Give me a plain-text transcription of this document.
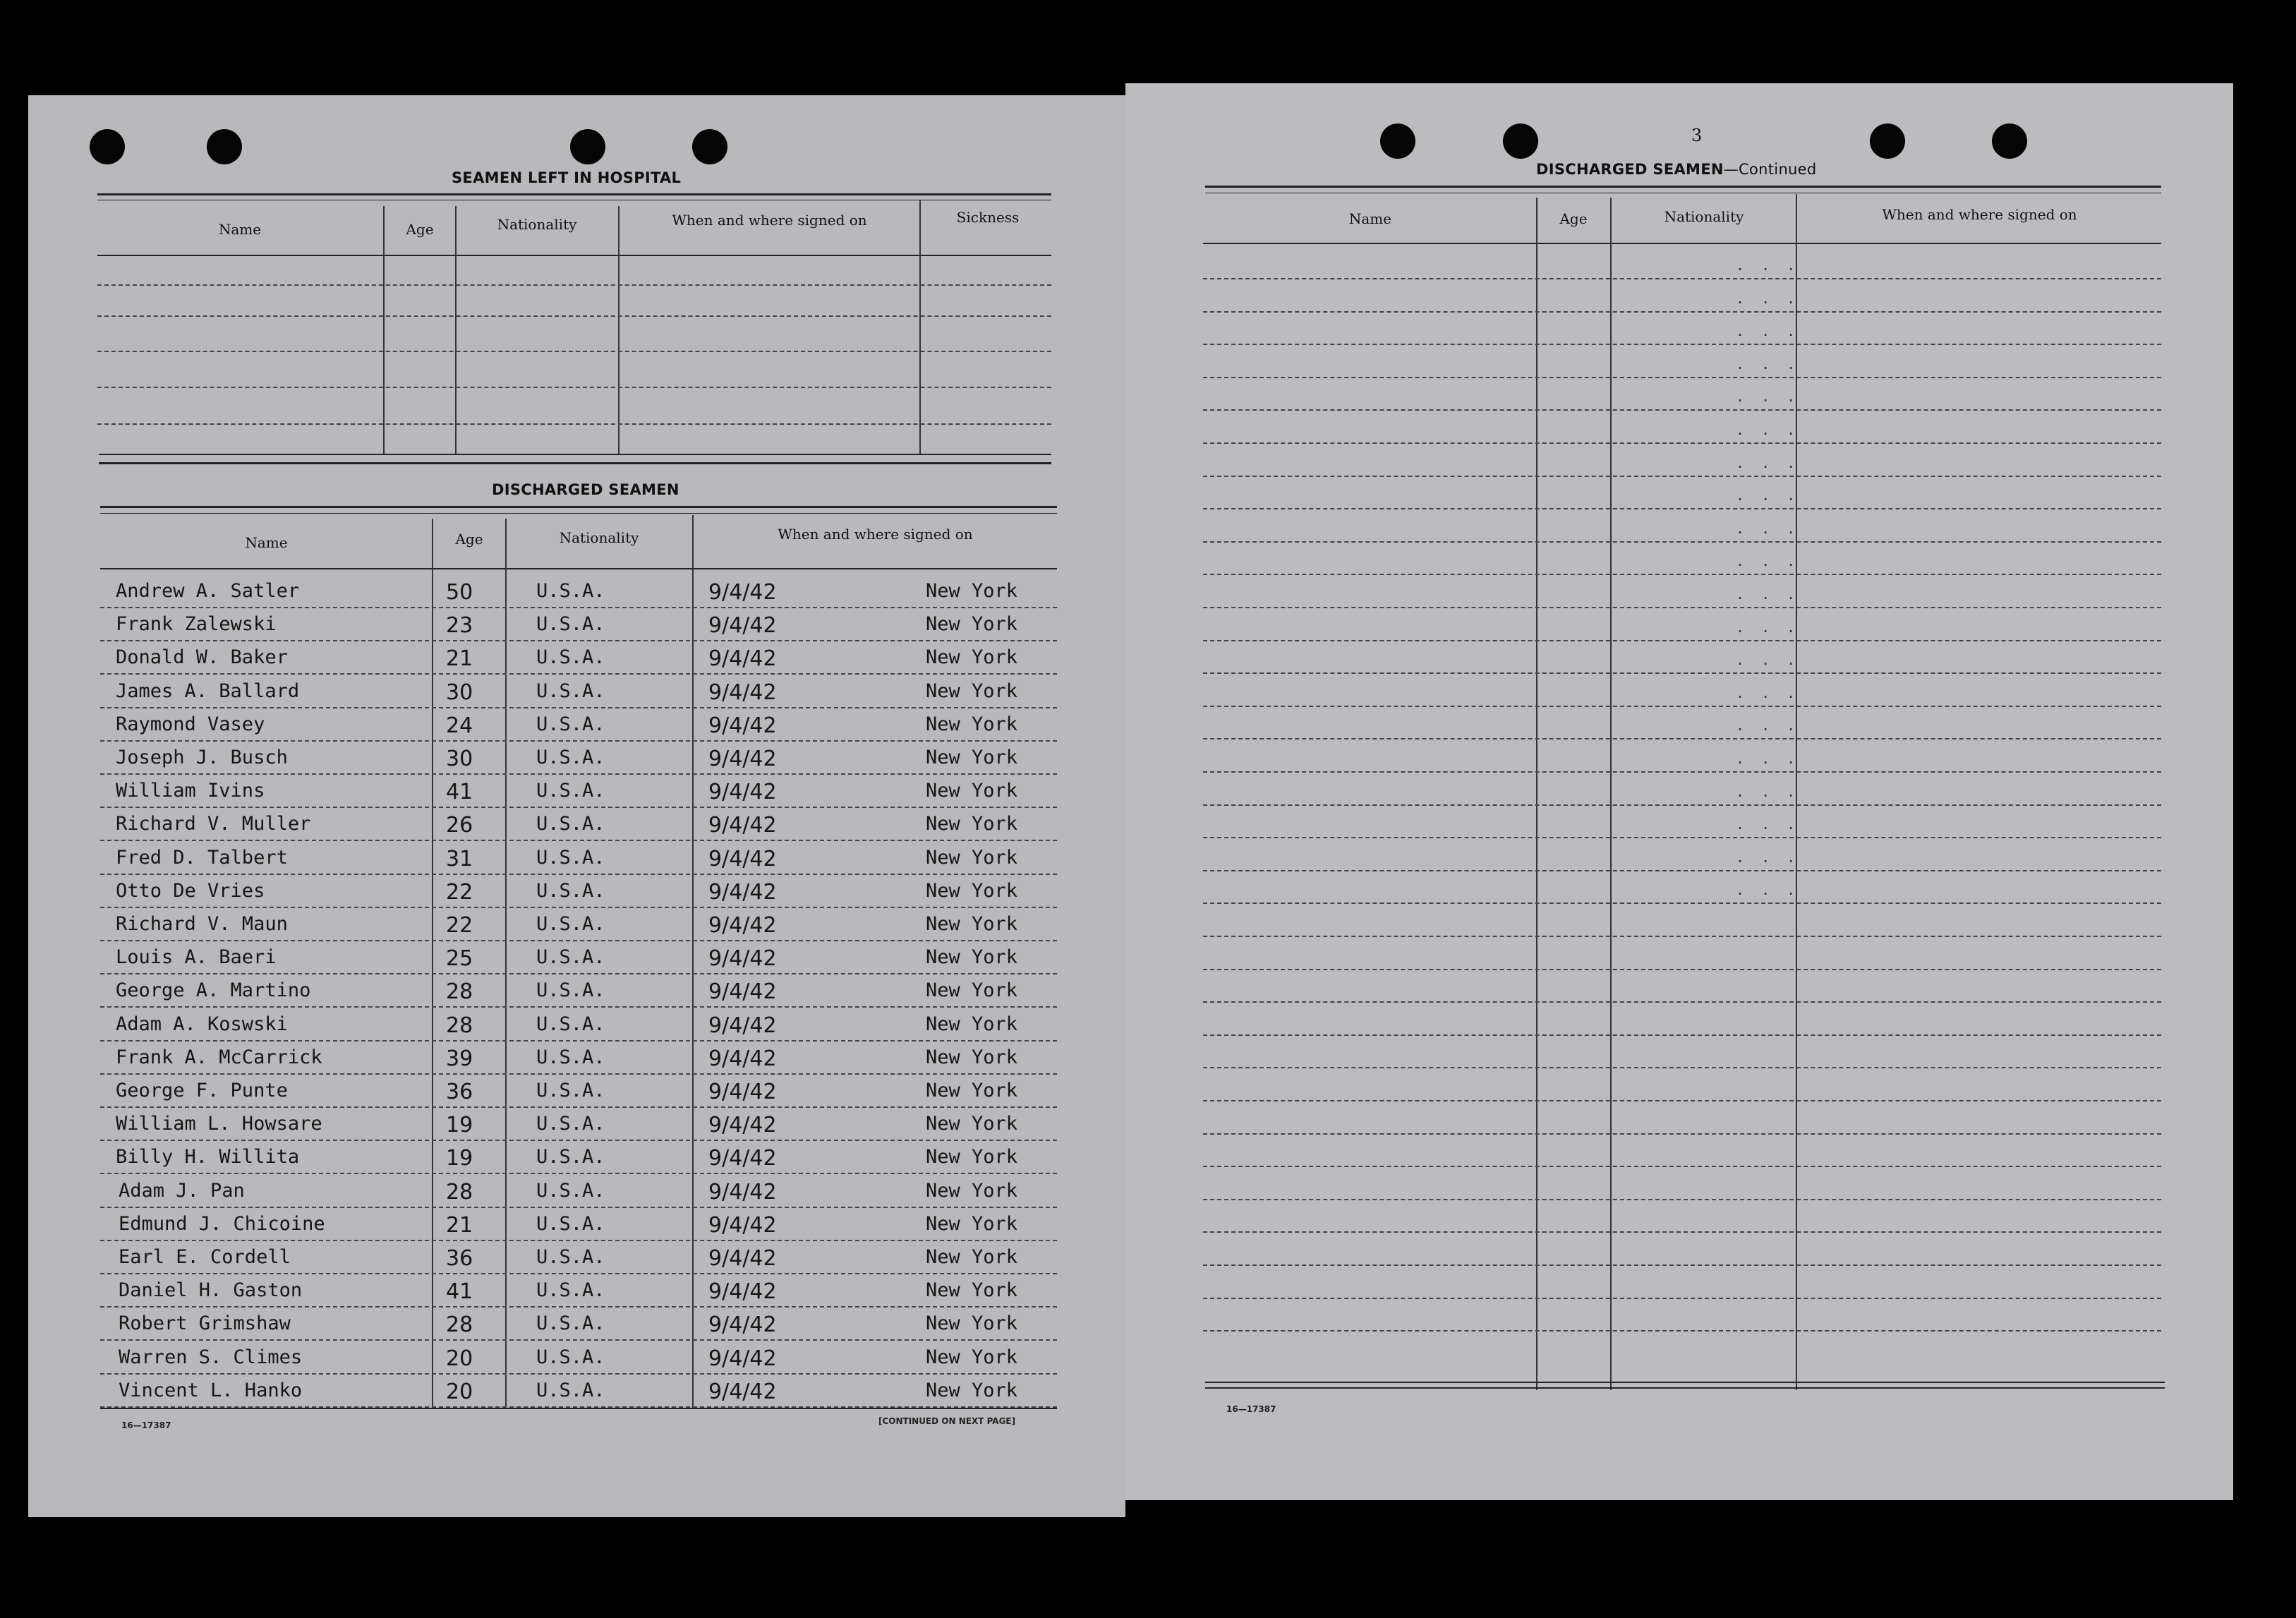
SEAMEN LEFT IN HOSPITAL
Name	Age	Nationality	When and where signed on	Sickness
DISCHARGED SEAMEN
Name	Age	Nationality	When and where signed on
Andrew A. Satler	50	U.S.A.	9/4/42	New York
Frank Zalewski	23	U.S.A.	9/4/42	New York
Donald W. Baker	21	U.S.A.	9/4/42	New York
James A. Ballard	30	U.S.A.	9/4/42	New York
Raymond Vasey	24	U.S.A.	9/4/42	New York
Joseph J. Busch	30	U.S.A.	9/4/42	New York
William Ivins	41	U.S.A.	9/4/42	New York
Richard V. Muller	26	U.S.A.	9/4/42	New York
Fred D. Talbert	31	U.S.A.	9/4/42	New York
Otto De Vries	22	U.S.A.	9/4/42	New York
Richard V. Maun	22	U.S.A.	9/4/42	New York
Louis A. Baeri	25	U.S.A.	9/4/42	New York
George A. Martino	28	U.S.A.	9/4/42	New York
Adam A. Koswski	28	U.S.A.	9/4/42	New York
Frank A. McCarrick	39	U.S.A.	9/4/42	New York
George F. Punte	36	U.S.A.	9/4/42	New York
William L. Howsare	19	U.S.A.	9/4/42	New York
Billy H. Willita	19	U.S.A.	9/4/42	New York
Adam J. Pan	28	U.S.A.	9/4/42	New York
Edmund J. Chicoine	21	U.S.A.	9/4/42	New York
Earl E. Cordell	36	U.S.A.	9/4/42	New York
Daniel H. Gaston	41	U.S.A.	9/4/42	New York
Robert Grimshaw	28	U.S.A.	9/4/42	New York
Warren S. Climes	20	U.S.A.	9/4/42	New York
Vincent L. Hanko	20	U.S.A.	9/4/42	New York
16—17387	[CONTINUED ON NEXT PAGE]
3
DISCHARGED SEAMEN—Continued
Name	Age	Nationality	When and where signed on
. . .
. . .
. . .
. . .
. . .
. . .
. . .
. . .
. . .
. . .
. . .
. . .
. . .
. . .
. . .
. . .
. . .
. . .
. . .
. . .
16—17387
